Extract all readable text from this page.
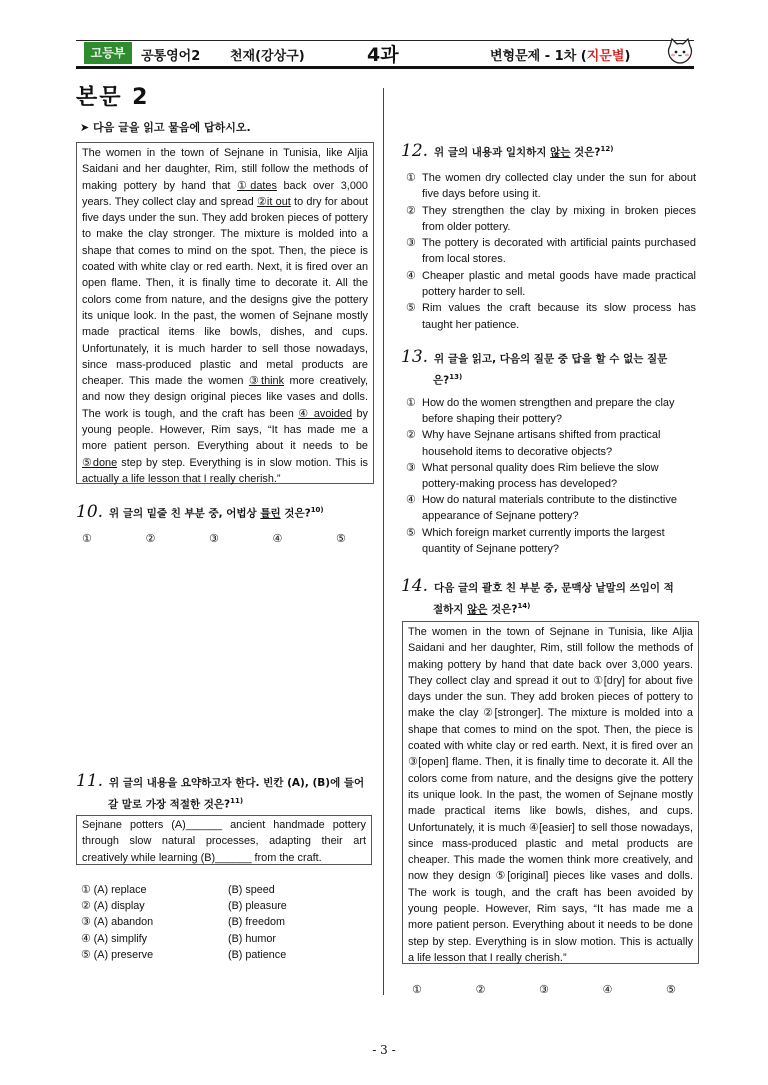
고등부	공통영어2 천재(강상구)	4과	변형문제 - 1차 (지문별)
본문 2
➤ 다음 글을 읽고 물음에 답하시오.
The women in the town of Sejnane in Tunisia, like Aljia Saidani and her daughter, Rim, still follow the methods of making pottery by hand that ①dates back over 3,000 years. They collect clay and spread ②it out to dry for about five days under the sun. They add broken pieces of pottery to make the clay stronger. The mixture is molded into a shape that comes to mind on the spot. Then, the piece is coated with white clay or red earth. Next, it is fired over an open flame. Then, it is finally time to decorate it. All the colors come from nature, and the designs give the pottery its unique look. In the past, the women of Sejnane mostly made practical items like bowls, dishes, and cups. Unfortunately, it is much harder to sell those nowadays, since mass-produced plastic and metal products are cheaper. This made the women ③think more creatively, and now they design original pieces like vases and dolls. The work is tough, and the craft has been ④ avoided by young people. However, Rim says, “It has made me a more patient person. Everything about it needs to be ⑤done step by step. Everything is in slow motion. This is actually a life lesson that I really cherish.”
10. 위 글의 밑줄 친 부분 중, 어법상 틀린 것은?$^{10)}$
①	②	③	④	⑤
11. 위 글의 내용을 요약하고자 한다. 빈칸 (A), (B)에 들어
갈 말로 가장 적절한 것은?$^{11)}$
Sejnane potters (A)______ ancient handmade pottery through slow natural processes, adapting their art creatively while learning (B)______ from the craft.
① (A) replace	(B) speed
② (A) display	(B) pleasure
③ (A) abandon	(B) freedom
④ (A) simplify	(B) humor
⑤ (A) preserve	(B) patience
12. 위 글의 내용과 일치하지 않는 것은?$^{12)}$
① The women dry collected clay under the sun for about five days before using it.
② They strengthen the clay by mixing in broken pieces from older pottery.
③ The pottery is decorated with artificial paints purchased from local stores.
④ Cheaper plastic and metal goods have made practical pottery harder to sell.
⑤ Rim values the craft because its slow process has taught her patience.
13. 위 글을 읽고, 다음의 질문 중 답을 할 수 없는 질문
은?$^{13)}$
① How do the women strengthen and prepare the clay before shaping their pottery?
② Why have Sejnane artisans shifted from practical household items to decorative objects?
③ What personal quality does Rim believe the slow pottery-making process has developed?
④ How do natural materials contribute to the distinctive appearance of Sejnane pottery?
⑤ Which foreign market currently imports the largest quantity of Sejnane pottery?
14. 다음 글의 괄호 친 부분 중, 문맥상 낱말의 쓰임이 적
절하지 않은 것은?$^{14)}$
The women in the town of Sejnane in Tunisia, like Aljia Saidani and her daughter, Rim, still follow the methods of making pottery by hand that date back over 3,000 years. They collect clay and spread it out to ①[dry] for about five days under the sun. They add broken pieces of pottery to make the clay ②[stronger]. The mixture is molded into a shape that comes to mind on the spot. Then, the piece is coated with white clay or red earth. Next, it is fired over an ③[open] flame. Then, it is finally time to decorate it. All the colors come from nature, and the designs give the pottery its unique look. In the past, the women of Sejnane mostly made practical items like bowls, dishes, and cups. Unfortunately, it is much ④[easier] to sell those nowadays, since mass-produced plastic and metal products are cheaper. This made the women think more creatively, and now they design ⑤[original] pieces like vases and dolls. The work is tough, and the craft has been avoided by young people. However, Rim says, “It has made me a more patient person. Everything about it needs to be done step by step. Everything is in slow motion. This is actually a life lesson that I really cherish.”
①	②	③	④	⑤
- 3 -
